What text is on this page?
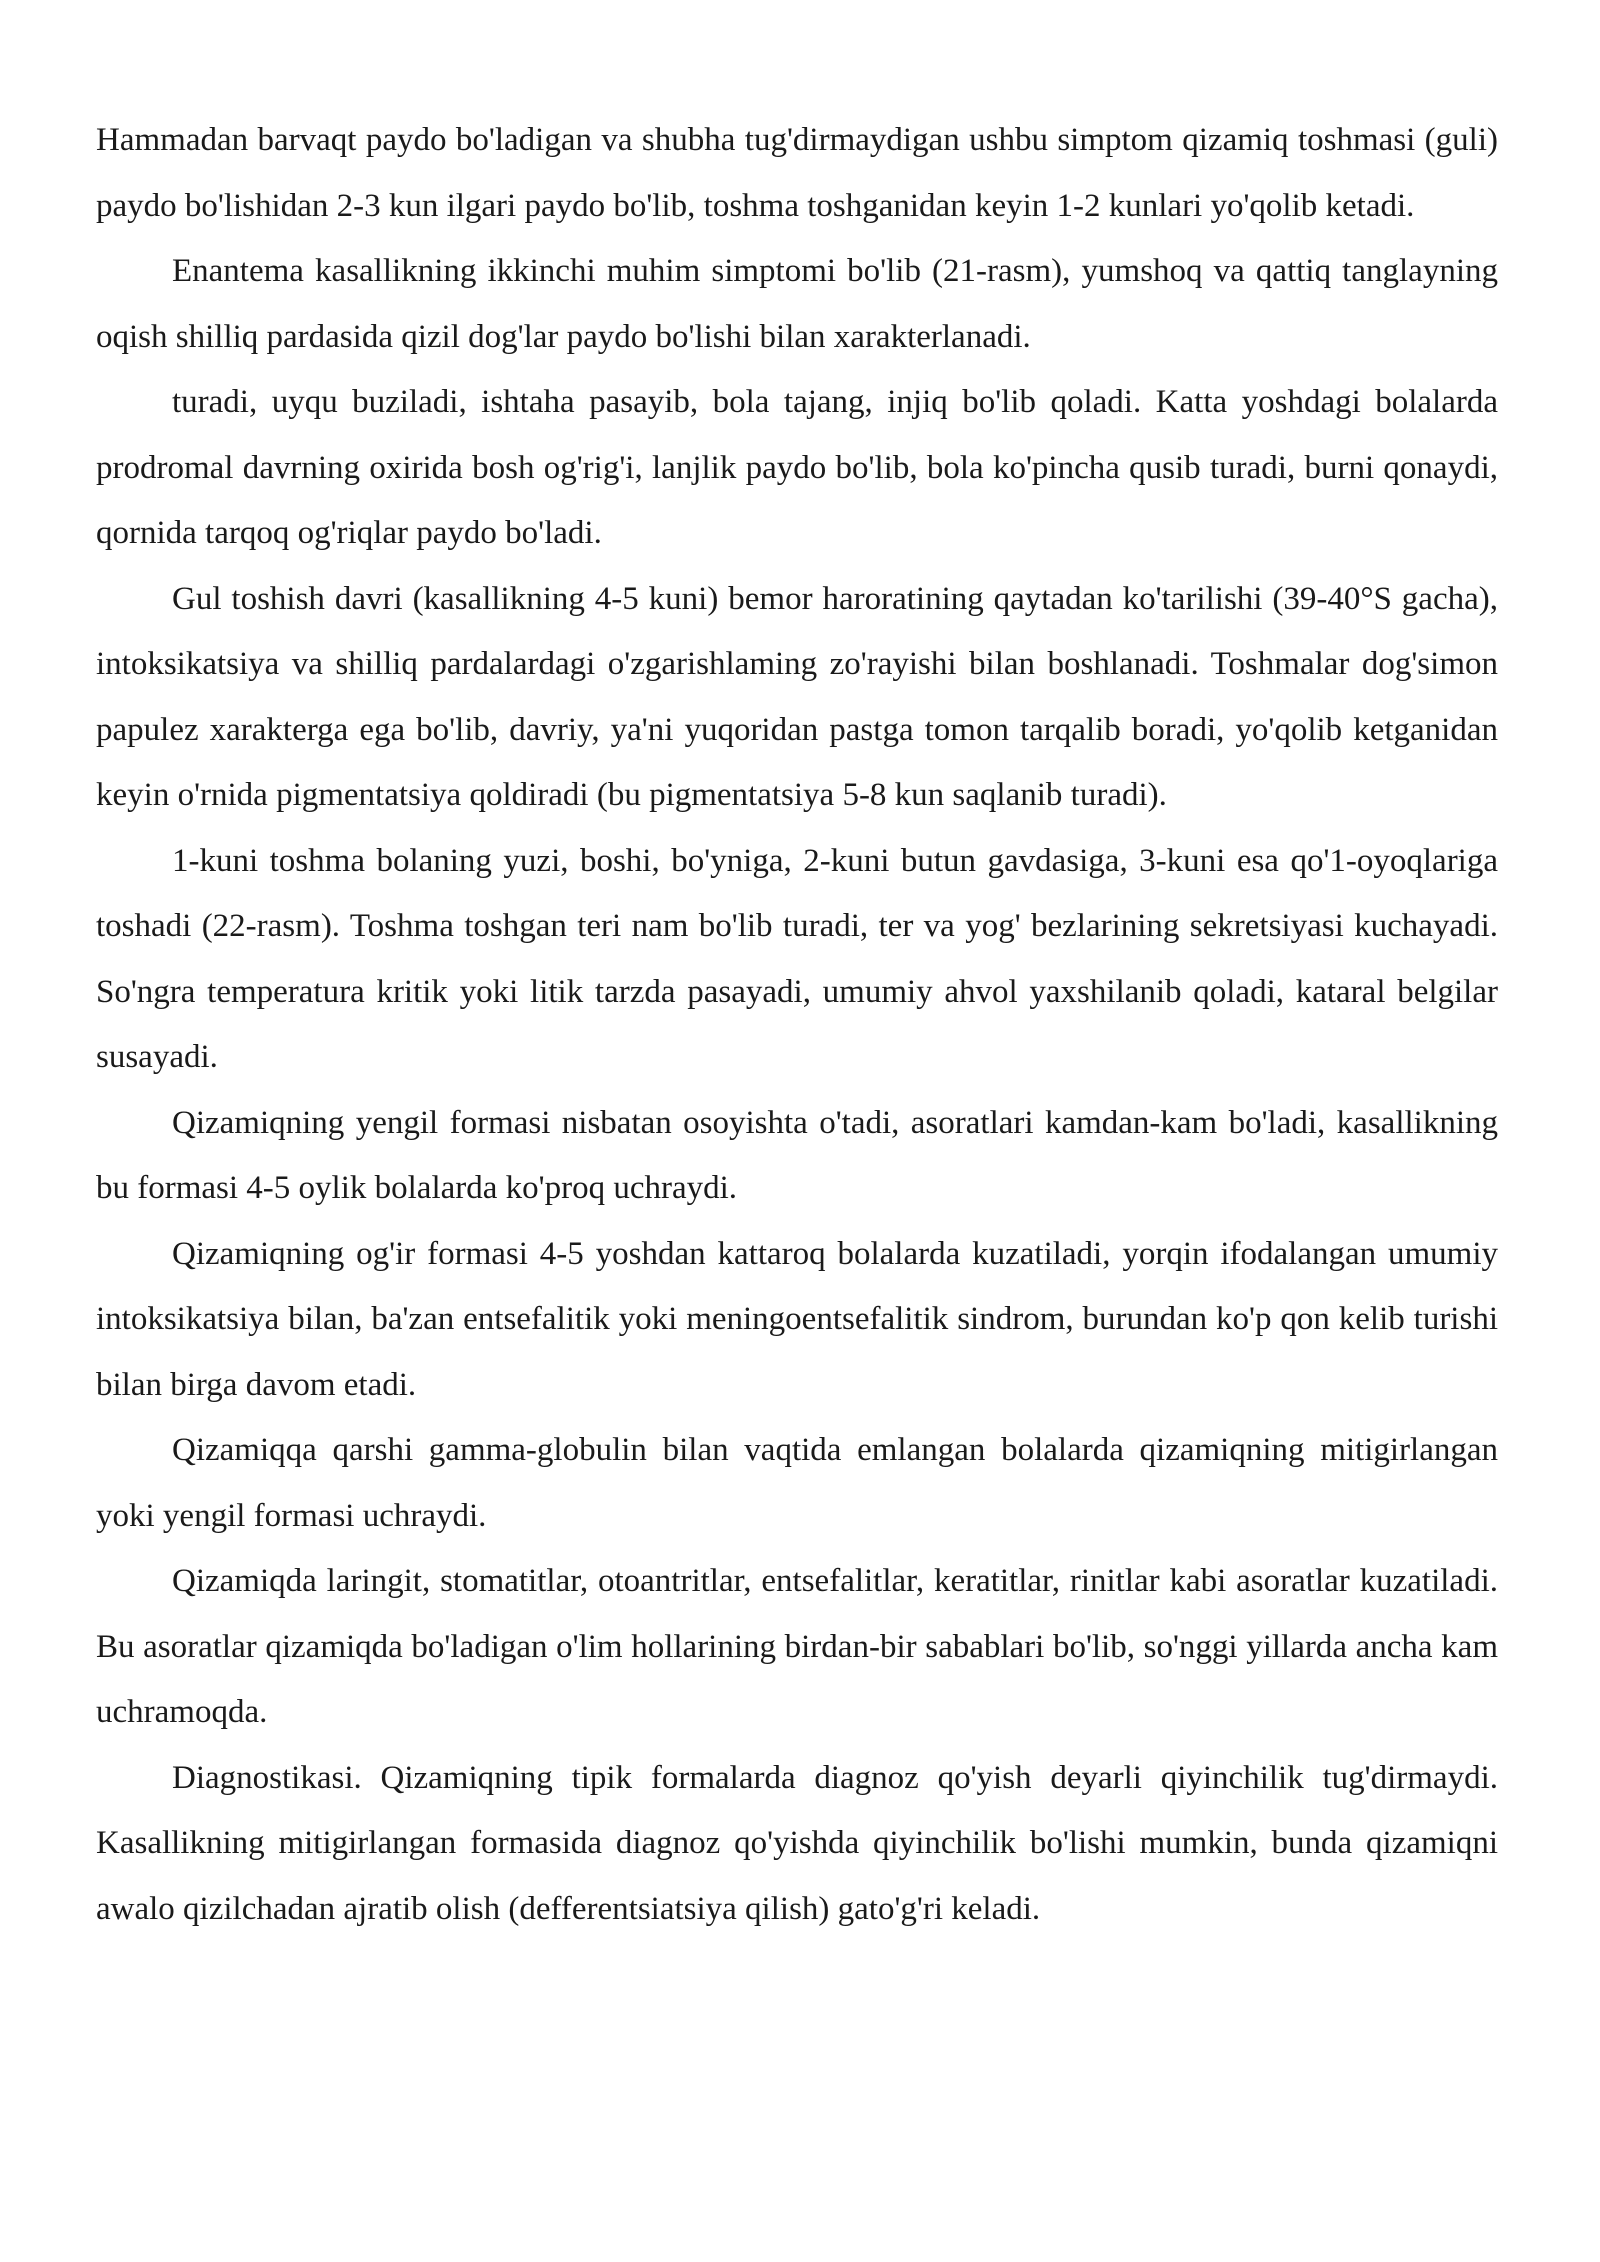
Hammadan barvaqt paydo bo'ladigan va shubha tug'dirmaydigan ushbu simptom qizamiq toshmasi (guli) paydo bo'lishidan 2-3 kun ilgari paydo bo'lib, toshma toshganidan keyin 1-2 kunlari yo'qolib ketadi.

Enantema kasallikning ikkinchi muhim simptomi bo'lib (21-rasm), yumshoq va qattiq tanglayning oqish shilliq pardasida qizil dog'lar paydo bo'lishi bilan xarakterlanadi.

turadi, uyqu buziladi, ishtaha pasayib, bola tajang, injiq bo'lib qoladi. Katta yoshdagi bolalarda prodromal davrning oxirida bosh og'rig'i, lanjlik paydo bo'lib, bola ko'pincha qusib turadi, burni qonaydi, qornida tarqoq og'riqlar paydo bo'ladi.

Gul toshish davri (kasallikning 4-5 kuni) bemor haroratining qaytadan ko'tarilishi (39-40°S gacha), intoksikatsiya va shilliq pardalardagi o'zgarishlaming zo'rayishi bilan boshlanadi. Toshmalar dog'simon papulez xarakterga ega bo'lib, davriy, ya'ni yuqoridan pastga tomon tarqalib boradi, yo'qolib ketganidan keyin o'rnida pigmentatsiya qoldiradi (bu pigmentatsiya 5-8 kun saqlanib turadi).

1-kuni toshma bolaning yuzi, boshi, bo'yniga, 2-kuni butun gavdasiga, 3-kuni esa qo'1-oyoqlariga toshadi (22-rasm). Toshma toshgan teri nam bo'lib turadi, ter va yog' bezlarining sekretsiyasi kuchayadi. So'ngra temperatura kritik yoki litik tarzda pasayadi, umumiy ahvol yaxshilanib qoladi, kataral belgilar susayadi.

Qizamiqning yengil formasi nisbatan osoyishta o'tadi, asoratlari kamdan-kam bo'ladi, kasallikning bu formasi 4-5 oylik bolalarda ko'proq uchraydi.

Qizamiqning og'ir formasi 4-5 yoshdan kattaroq bolalarda kuzatiladi, yorqin ifodalangan umumiy intoksikatsiya bilan, ba'zan entsefalitik yoki meningoentsefalitik sindrom, burundan ko'p qon kelib turishi bilan birga davom etadi.

Qizamiqqa qarshi gamma-globulin bilan vaqtida emlangan bolalarda qizamiqning mitigirlangan yoki yengil formasi uchraydi.

Qizamiqda laringit, stomatitlar, otoantritlar, entsefalitlar, keratitlar, rinitlar kabi asoratlar kuzatiladi. Bu asoratlar qizamiqda bo'ladigan o'lim hollarining birdan-bir sabablari bo'lib, so'nggi yillarda ancha kam uchramoqda.

Diagnostikasi. Qizamiqning tipik formalarda diagnoz qo'yish deyarli qiyinchilik tug'dirmaydi. Kasallikning mitigirlangan formasida diagnoz qo'yishda qiyinchilik bo'lishi mumkin, bunda qizamiqni awalo qizilchadan ajratib olish (defferentsiatsiya qilish) gato'g'ri keladi.
